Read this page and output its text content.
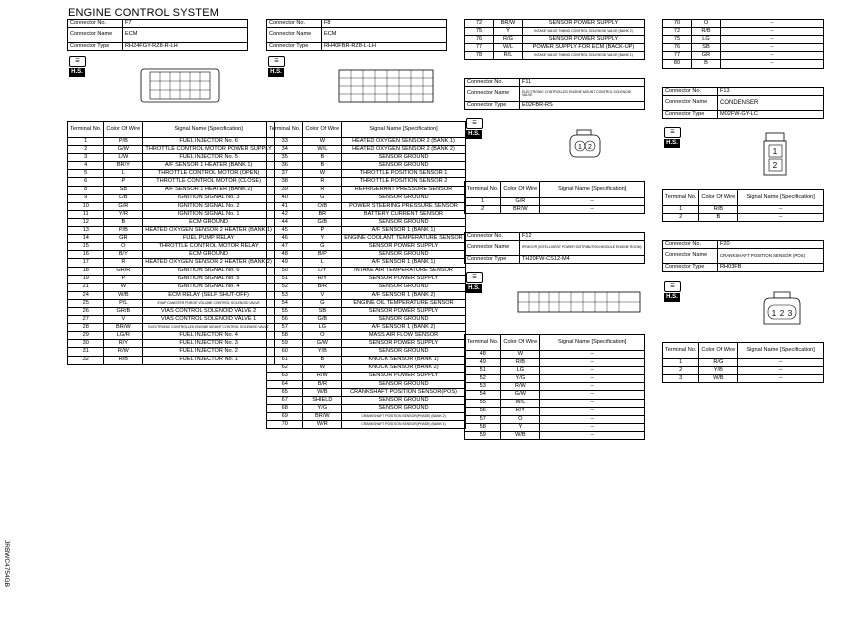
ENGINE CONTROL SYSTEM
JRBWC4754GB
Connector No.	F7
Connector Name	ECM
Connector Type	RH24FGY-RZ8-R-LH
☰
H.S.
Terminal No.	Color Of Wire	Signal Name [Specification]
1	P/B	FUEL INJECTOR No. 6
2	G/W	THROTTLE CONTROL MOTOR POWER SUPPLY
3	L/W	FUEL INJECTOR No. 5
4	BR/Y	A/F SENSOR 1 HEATER (BANK 1)
5	L	THROTTLE CONTROL MOTOR (OPEN)
6	P	THROTTLE CONTROL MOTOR (CLOSE)
8	SB	A/F SENSOR 1 HEATER (BANK 2)
9	L/B	IGNITION SIGNAL No. 3
10	G/R	IGNITION SIGNAL No. 2
11	Y/R	IGNITION SIGNAL No. 1
12	B	ECM GROUND
13	P/B	HEATED OXYGEN SENSOR 2 HEATER (BANK 1)
14	GR	FUEL PUMP RELAY
15	O	THROTTLE CONTROL MOTOR RELAY
16	B/Y	ECM GROUND
17	R	HEATED OXYGEN SENSOR 2 HEATER (BANK 2)
18	GR/R	IGNITION SIGNAL No. 6
19	P	IGNITION SIGNAL No. 5
21	W	IGNITION SIGNAL No. 4
24	W/B	ECM RELAY (SELF SHUT-OFF)
25	P/L	EVAP CANISTER PURGE VOLUME CONTROL SOLENOID VALVE
26	GR/B	VIAS CONTROL SOLENOID VALVE 2
27	V	VIAS CONTROL SOLENOID VALVE 1
28	BR/W	ELECTRONIC CONTROLLED ENGINE MOUNT CONTROL SOLENOID VALVE
29	LG/R	FUEL INJECTOR No. 4
30	R/Y	FUEL INJECTOR No. 3
31	R/W	FUEL INJECTOR No. 2
32	R/B	FUEL INJECTOR No. 1
Connector No.	F8
Connector Name	ECM
Connector Type	RH40FBR-RZ8-L-LH
☰
H.S.
Terminal No.	Color Of Wire	Signal Name [Specification]
33	W	HEATED OXYGEN SENSOR 2 (BANK 1)
34	W/L	HEATED OXYGEN SENSOR 2 (BANK 2)
35	B	SENSOR GROUND
36	B	SENSOR GROUND
37	W	THROTTLE POSITION SENSOR 1
38	R	THROTTLE POSITION SENSOR 2
39	R	REFRIGERANT PRESSURE SENSOR
40	G	SENSOR GROUND
41	O/B	POWER STEERING PRESSURE SENSOR
42	BR	BATTERY CURRENT SENSOR
44	G/B	SENSOR GROUND
45	P	A/F SENSOR 1 (BANK 1)
46	Y	ENGINE COOLANT TEMPERATURE SENSOR
47	G	SENSOR POWER SUPPLY
48	B/P	SENSOR GROUND
49	L	A/F SENSOR 1 (BANK 1)
50	L/Y	INTAKE AIR TEMPERATURE SENSOR
51	R/Y	SENSOR POWER SUPPLY
52	B/R	SENSOR GROUND
53	V	A/F SENSOR 1 (BANK 2)
54	G	ENGINE OIL TEMPERATURE SENSOR
55	SB	SENSOR POWER SUPPLY
56	G/B	SENSOR GROUND
57	LG	A/F SENSOR 1 (BANK 2)
58	O	MASS AIR FLOW SENSOR
59	G/W	SENSOR POWER SUPPLY
60	Y/B	SENSOR GROUND
61	B	KNOCK SENSOR (BANK 1)
62	W	KNOCK SENSOR (BANK 2)
63	R/W	SENSOR POWER SUPPLY
64	B/R	SENSOR GROUND
65	W/B	CRANKSHAFT POSITION SENSOR(POS)
67	SHIELD	SENSOR GROUND
68	Y/G	SENSOR GROUND
69	BR/W	CRANKSHAFT POSITION SENSOR(PHASE) (BANK 2)
70	W/R	CRANKSHAFT POSITION SENSOR(PHASE) (BANK 1)
72	BR/W	SENSOR POWER SUPPLY
75	Y	INTAKE VALVE TIMING CONTROL SOLENOID VALVE (BANK 2)
76	R/G	SENSOR POWER SUPPLY
77	W/L	POWER SUPPLY FOR ECM (BACK-UP)
78	R/L	INTAKE VALVE TIMING CONTROL SOLENOID VALVE (BANK 1)
Connector No.	F11
Connector Name	ELECTRONIC CONTROLLED ENGINE MOUNT CONTROL SOLENOID VALVE
Connector Type	E02FBR-RS
☰
H.S.
1 2
Terminal No.	Color Of Wire	Signal Name [Specification]
1	G/R	–
2	BR/W	–
Connector No.	F12
Connector Name	IPDM E/R (INTELLIGENT POWER DISTRIBUTION MODULE ENGINE ROOM)
Connector Type	TH20FW-CS12-M4
☰
H.S.
Terminal No.	Color Of Wire	Signal Name [Specification]
48	W	–
49	R/B	–
51	LG	–
52	Y/G	–
53	R/W	–
54	G/W	–
55	W/L	–
56	R/Y	–
57	O	–
58	Y	–
59	W/B	–
70	O	–
72	R/B	–
75	LG	–
76	SB	–
77	GR	–
80	B	–
Connector No.	F13
Connector Name	CONDENSER
Connector Type	M02FW-GY-LC
☰
H.S.
1
2
Terminal No.	Color Of Wire	Signal Name [Specification]
1	R/B	–
2	B	–
Connector No.	F20
Connector Name	CRANKSHAFT POSITION SENSOR (POS)
Connector Type	RH03FB
☰
H.S.
1 2 3
Terminal No.	Color Of Wire	Signal Name [Specification]
1	R/G	–
2	Y/B	–
3	W/B	–
